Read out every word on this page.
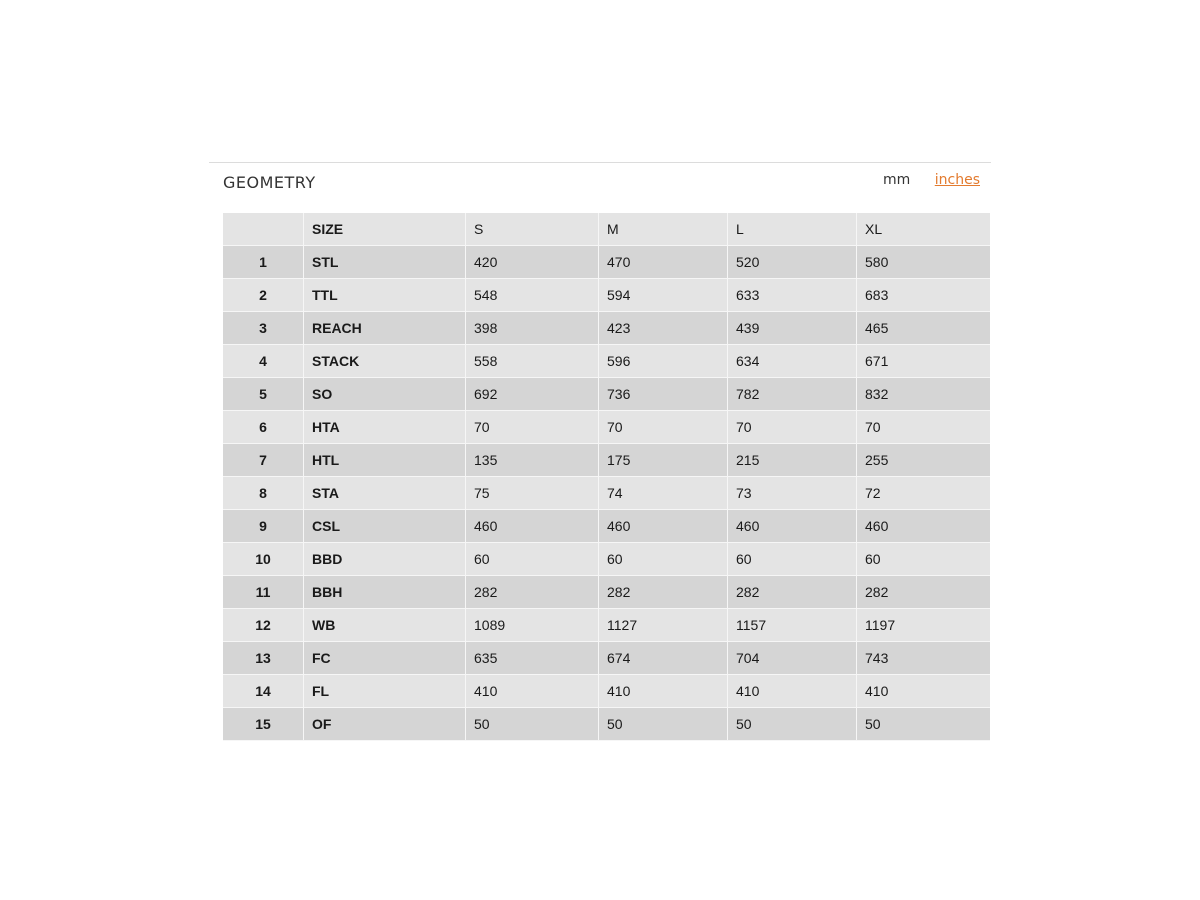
GEOMETRY	mm inches
	SIZE	S	M	L	XL
1	STL	420	470	520	580
2	TTL	548	594	633	683
3	REACH	398	423	439	465
4	STACK	558	596	634	671
5	SO	692	736	782	832
6	HTA	70	70	70	70
7	HTL	135	175	215	255
8	STA	75	74	73	72
9	CSL	460	460	460	460
10	BBD	60	60	60	60
11	BBH	282	282	282	282
12	WB	1089	1127	1157	1197
13	FC	635	674	704	743
14	FL	410	410	410	410
15	OF	50	50	50	50
